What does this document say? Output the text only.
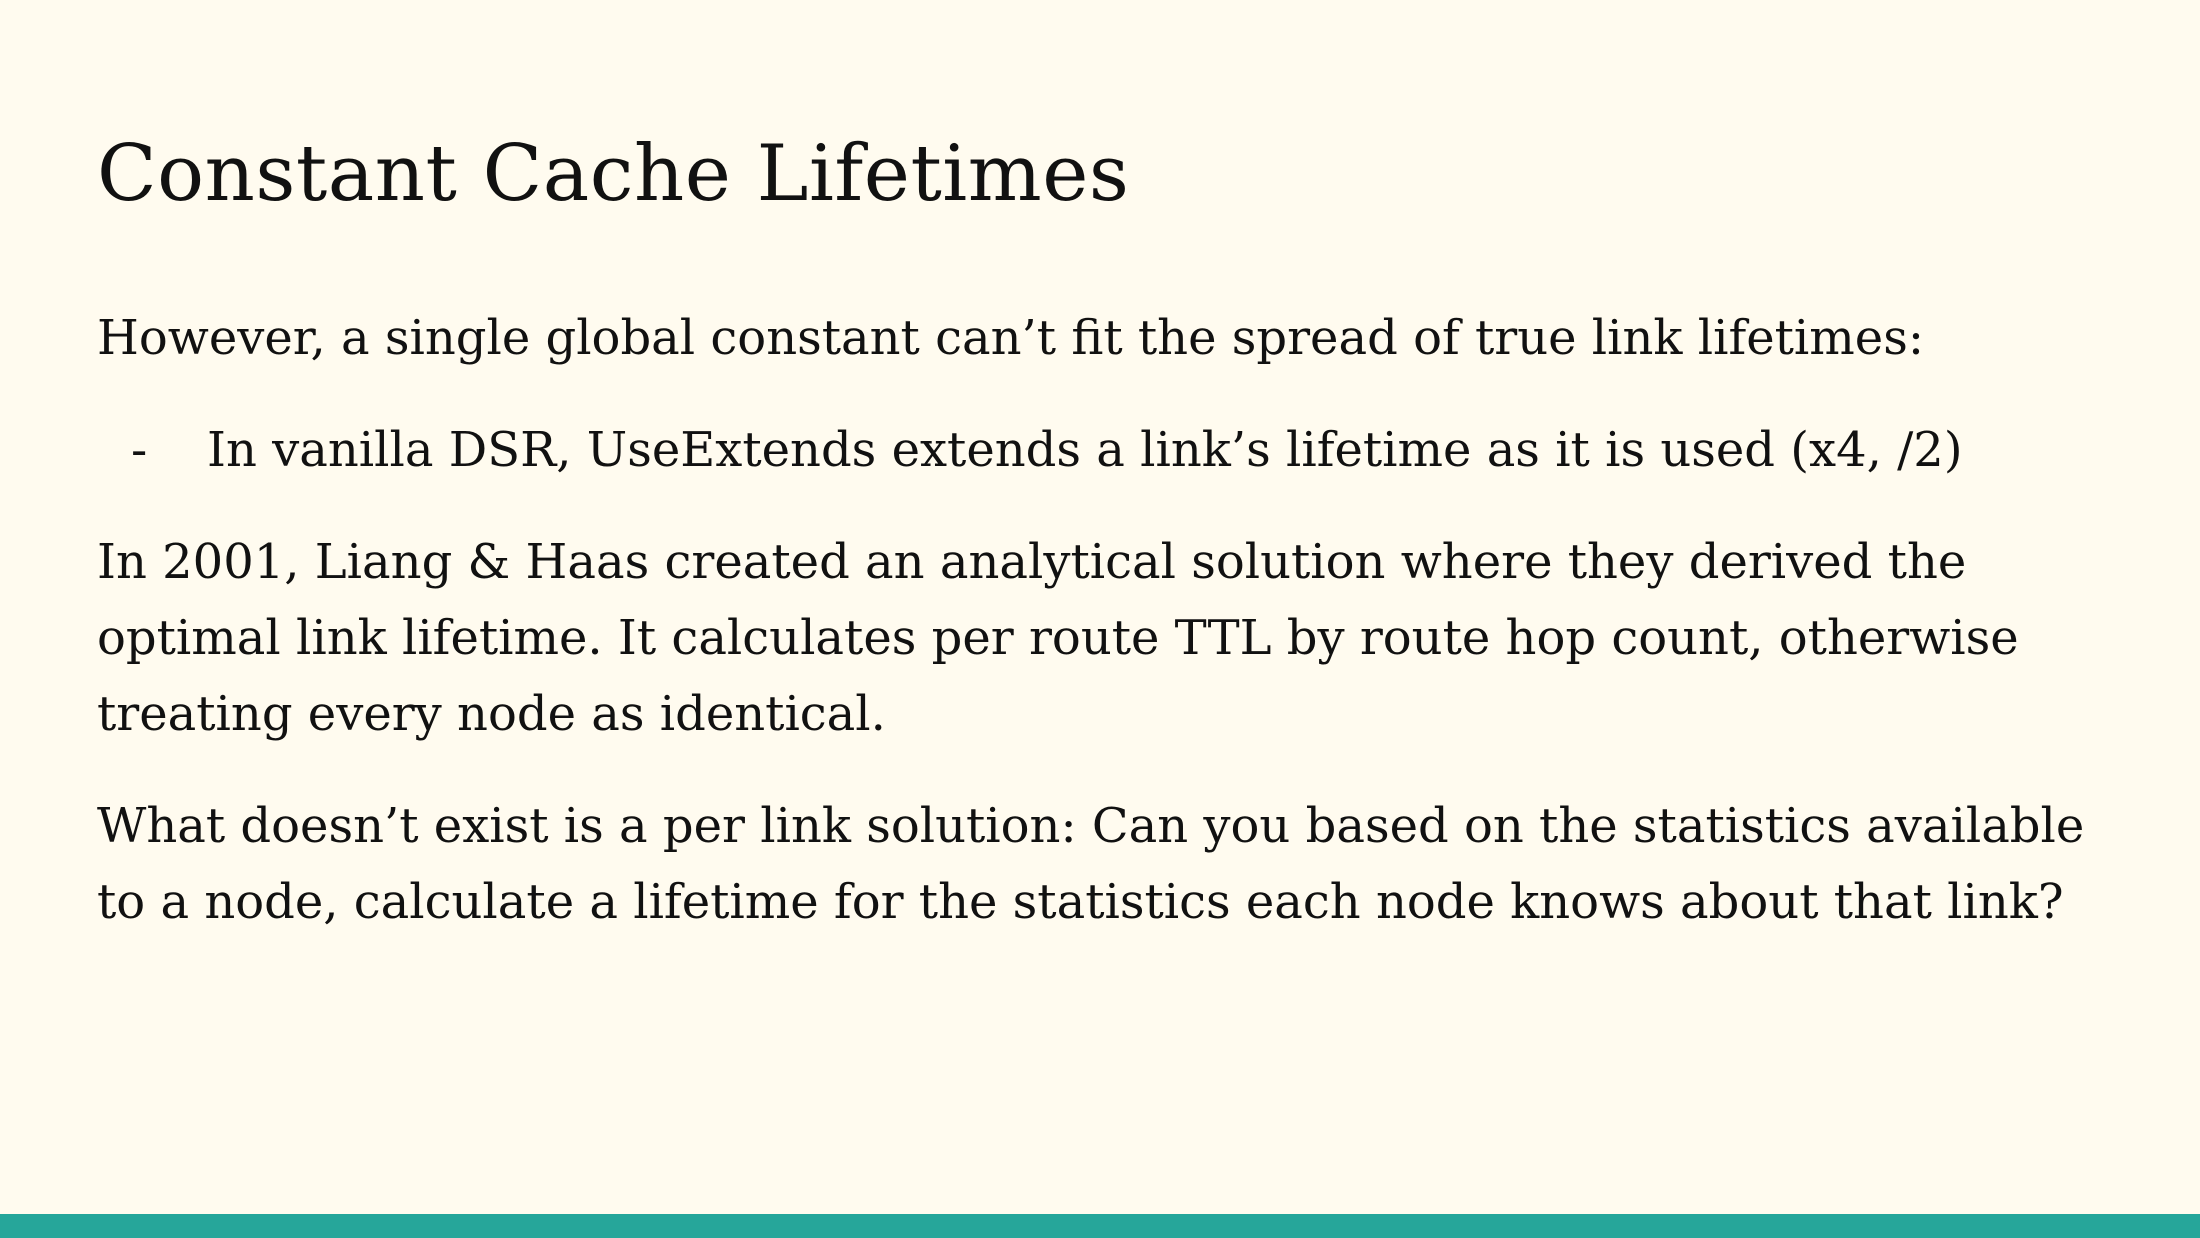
Constant Cache Lifetimes

However, a single global constant can’t fit the spread of true link lifetimes:

- In vanilla DSR, UseExtends extends a link’s lifetime as it is used (x4, /2)

In 2001, Liang & Haas created an analytical solution where they derived the optimal link lifetime. It calculates per route TTL by route hop count, otherwise treating every node as identical.

What doesn’t exist is a per link solution: Can you based on the statistics available to a node, calculate a lifetime for the statistics each node knows about that link?
